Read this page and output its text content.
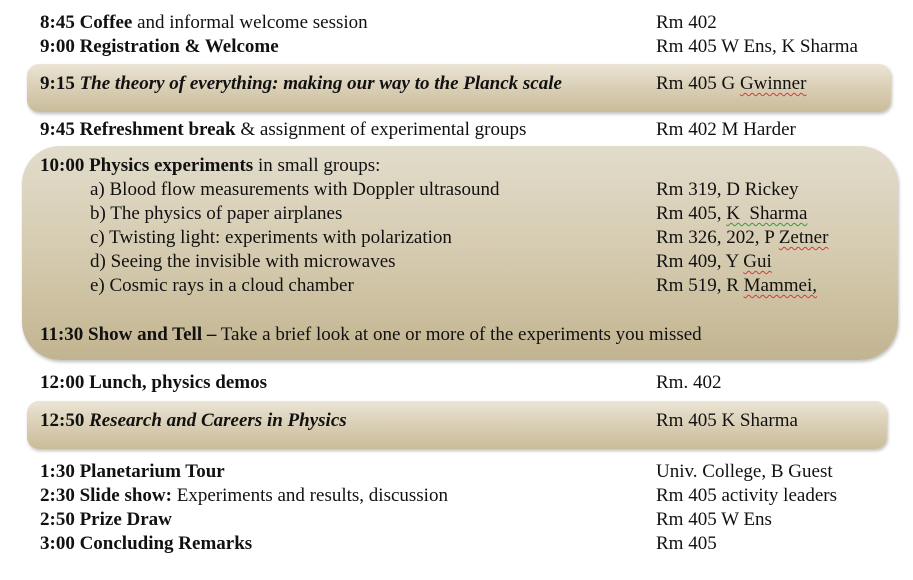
8:45 Coffee and informal welcome session	Rm 402
9:00 Registration & Welcome	Rm 405 W Ens, K Sharma
9:15 The theory of everything: making our way to the Planck scale	Rm 405 G Gwinner
9:45 Refreshment break & assignment of experimental groups	Rm 402 M Harder
10:00 Physics experiments in small groups:
a) Blood flow measurements with Doppler ultrasound	Rm 319, D Rickey
b) The physics of paper airplanes	Rm 405, K  Sharma
c) Twisting light: experiments with polarization	Rm 326, 202, P Zetner
d) Seeing the invisible with microwaves	Rm 409, Y Gui
e) Cosmic rays in a cloud chamber	Rm 519, R Mammei,
11:30 Show and Tell – Take a brief look at one or more of the experiments you missed
12:00 Lunch, physics demos	Rm. 402
12:50 Research and Careers in Physics	Rm 405 K Sharma
1:30 Planetarium Tour	Univ. College, B Guest
2:30 Slide show: Experiments and results, discussion	Rm 405 activity leaders
2:50 Prize Draw	Rm 405 W Ens
3:00 Concluding Remarks	Rm 405
